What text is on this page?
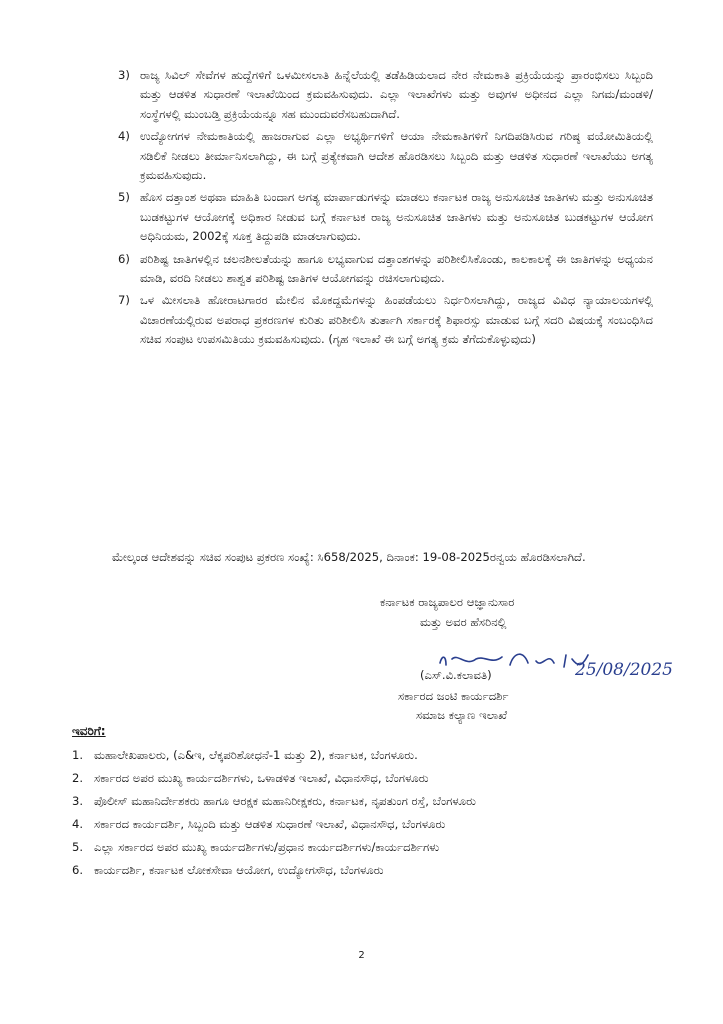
3) ರಾಜ್ಯ ಸಿವಿಲ್ ಸೇವೆಗಳ ಹುದ್ದೆಗಳಿಗೆ ಒಳಮೀಸಲಾತಿ ಹಿನ್ನೆಲೆಯಲ್ಲಿ ತಡೆಹಿಡಿಯಲಾದ ನೇರ ನೇಮಕಾತಿ ಪ್ರಕ್ರಿಯೆಯನ್ನು ಪ್ರಾರಂಭಿಸಲು ಸಿಬ್ಬಂದಿ ಮತ್ತು ಆಡಳಿತ ಸುಧಾರಣೆ ಇಲಾಖೆಯಿಂದ ಕ್ರಮವಹಿಸುವುದು. ಎಲ್ಲಾ ಇಲಾಖೆಗಳು ಮತ್ತು ಅವುಗಳ ಅಧೀನದ ಎಲ್ಲಾ ನಿಗಮ/ಮಂಡಳಿ/ಸಂಸ್ಥೆಗಳಲ್ಲಿ ಮುಂಬಡ್ತಿ ಪ್ರಕ್ರಿಯೆಯನ್ನೂ ಸಹ ಮುಂದುವರೆಸಬಹುದಾಗಿದೆ.
4) ಉದ್ಯೋಗಗಳ ನೇಮಕಾತಿಯಲ್ಲಿ ಹಾಜರಾಗುವ ಎಲ್ಲಾ ಅಭ್ಯರ್ಥಿಗಳಿಗೆ ಆಯಾ ನೇಮಕಾತಿಗಳಿಗೆ ನಿಗದಿಪಡಿಸಿರುವ ಗರಿಷ್ಠ ವಯೋಮಿತಿಯಲ್ಲಿ ಸಡಿಲಿಕೆ ನೀಡಲು ತೀರ್ಮಾನಿಸಲಾಗಿದ್ದು, ಈ ಬಗ್ಗೆ ಪ್ರತ್ಯೇಕವಾಗಿ ಆದೇಶ ಹೊರಡಿಸಲು ಸಿಬ್ಬಂದಿ ಮತ್ತು ಆಡಳಿತ ಸುಧಾರಣೆ ಇಲಾಖೆಯು ಅಗತ್ಯ ಕ್ರಮವಹಿಸುವುದು.
5) ಹೊಸ ದತ್ತಾಂಶ ಅಥವಾ ಮಾಹಿತಿ ಬಂದಾಗ ಅಗತ್ಯ ಮಾರ್ಪಾಡುಗಳನ್ನು ಮಾಡಲು ಕರ್ನಾಟಕ ರಾಜ್ಯ ಅನುಸೂಚಿತ ಜಾತಿಗಳು ಮತ್ತು ಅನುಸೂಚಿತ ಬುಡಕಟ್ಟುಗಳ ಆಯೋಗಕ್ಕೆ ಅಧಿಕಾರ ನೀಡುವ ಬಗ್ಗೆ ಕರ್ನಾಟಕ ರಾಜ್ಯ ಅನುಸೂಚಿತ ಜಾತಿಗಳು ಮತ್ತು ಅನುಸೂಚಿತ ಬುಡಕಟ್ಟುಗಳ ಆಯೋಗ ಅಧಿನಿಯಮ, 2002ಕ್ಕೆ ಸೂಕ್ತ ತಿದ್ದುಪಡಿ ಮಾಡಲಾಗುವುದು.
6) ಪರಿಶಿಷ್ಟ ಜಾತಿಗಳಲ್ಲಿನ ಚಲನಶೀಲತೆಯನ್ನು ಹಾಗೂ ಲಭ್ಯವಾಗುವ ದತ್ತಾಂಶಗಳನ್ನು ಪರಿಶೀಲಿಸಿಕೊಂಡು, ಕಾಲಕಾಲಕ್ಕೆ ಈ ಜಾತಿಗಳನ್ನು ಅಧ್ಯಯನ ಮಾಡಿ, ವರದಿ ನೀಡಲು ಶಾಶ್ವತ ಪರಿಶಿಷ್ಟ ಜಾತಿಗಳ ಆಯೋಗವನ್ನು ರಚಿಸಲಾಗುವುದು.
7) ಒಳ ಮೀಸಲಾತಿ ಹೋರಾಟಗಾರರ ಮೇಲಿನ ಮೊಕದ್ದಮೆಗಳನ್ನು ಹಿಂಪಡೆಯಲು ನಿರ್ಧರಿಸಲಾಗಿದ್ದು, ರಾಜ್ಯದ ವಿವಿಧ ನ್ಯಾಯಾಲಯಗಳಲ್ಲಿ ವಿಚಾರಣೆಯಲ್ಲಿರುವ ಅಪರಾಧ ಪ್ರಕರಣಗಳ ಕುರಿತು ಪರಿಶೀಲಿಸಿ ತುರ್ತಾಗಿ ಸರ್ಕಾರಕ್ಕೆ ಶಿಫಾರಸ್ಸು ಮಾಡುವ ಬಗ್ಗೆ ಸದರಿ ವಿಷಯಕ್ಕೆ ಸಂಬಂಧಿಸಿದ ಸಚಿವ ಸಂಪುಟ ಉಪಸಮಿತಿಯು ಕ್ರಮವಹಿಸುವುದು. (ಗೃಹ ಇಲಾಖೆ ಈ ಬಗ್ಗೆ ಅಗತ್ಯ ಕ್ರಮ ತೆಗೆದುಕೊಳ್ಳುವುದು)
ಮೇಲ್ಕಂಡ ಆದೇಶವನ್ನು ಸಚಿವ ಸಂಪುಟ ಪ್ರಕರಣ ಸಂಖ್ಯೆ: ಸಿ658/2025, ದಿನಾಂಕ: 19-08-2025ರನ್ವಯ ಹೊರಡಿಸಲಾಗಿದೆ.
ಕರ್ನಾಟಕ ರಾಜ್ಯಪಾಲರ ಆಜ್ಞಾನುಸಾರ
ಮತ್ತು ಅವರ ಹೆಸರಿನಲ್ಲಿ
25/08/2025
(ಎಸ್.ವಿ.ಕಲಾವತಿ)
ಸರ್ಕಾರದ ಜಂಟಿ ಕಾರ್ಯದರ್ಶಿ
ಸಮಾಜ ಕಲ್ಯಾಣ ಇಲಾಖೆ
ಇವರಿಗೆ:
1. ಮಹಾಲೇಖಪಾಲರು, (ಎ&ಇ, ಲೆಕ್ಕಪರಿಶೋಧನೆ-1 ಮತ್ತು 2), ಕರ್ನಾಟಕ, ಬೆಂಗಳೂರು.
2. ಸರ್ಕಾರದ ಅಪರ ಮುಖ್ಯ ಕಾರ್ಯದರ್ಶಿಗಳು, ಒಳಾಡಳಿತ ಇಲಾಖೆ, ವಿಧಾನಸೌಧ, ಬೆಂಗಳೂರು
3. ಪೊಲೀಸ್ ಮಹಾನಿರ್ದೇಶಕರು ಹಾಗೂ ಆರಕ್ಷಕ ಮಹಾನಿರೀಕ್ಷಕರು, ಕರ್ನಾಟಕ, ನೃಪತುಂಗ ರಸ್ತೆ, ಬೆಂಗಳೂರು
4. ಸರ್ಕಾರದ ಕಾರ್ಯದರ್ಶಿ, ಸಿಬ್ಬಂದಿ ಮತ್ತು ಆಡಳಿತ ಸುಧಾರಣೆ ಇಲಾಖೆ, ವಿಧಾನಸೌಧ, ಬೆಂಗಳೂರು
5. ಎಲ್ಲಾ ಸರ್ಕಾರದ ಅಪರ ಮುಖ್ಯ ಕಾರ್ಯದರ್ಶಿಗಳು/ಪ್ರಧಾನ ಕಾರ್ಯದರ್ಶಿಗಳು/ಕಾರ್ಯದರ್ಶಿಗಳು
6. ಕಾರ್ಯದರ್ಶಿ, ಕರ್ನಾಟಕ ಲೋಕಸೇವಾ ಆಯೋಗ, ಉದ್ಯೋಗಸೌಧ, ಬೆಂಗಳೂರು
2
